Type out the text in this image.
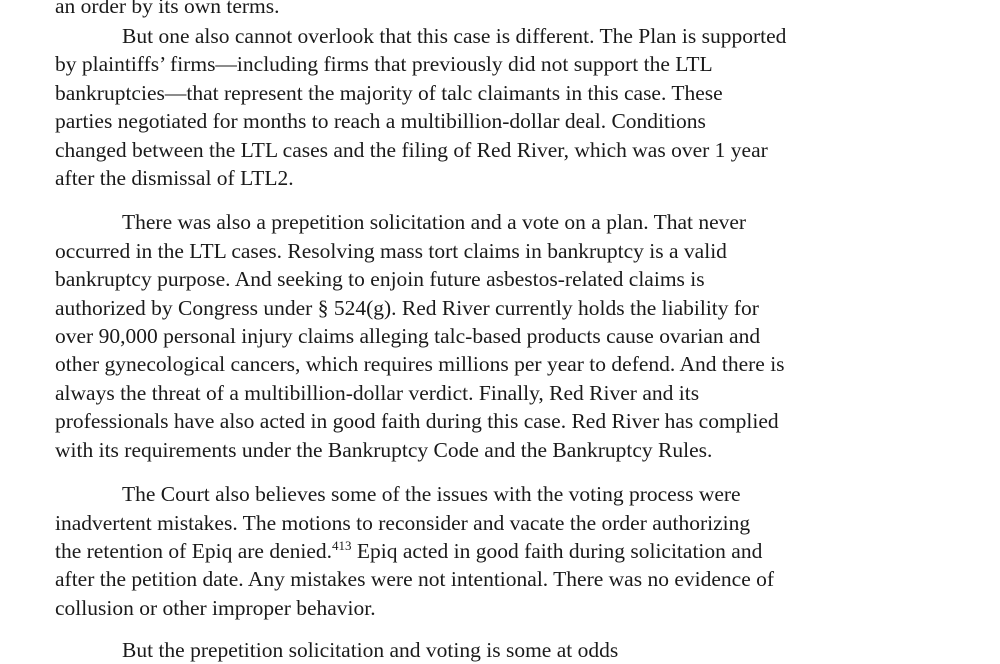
an order by its own terms.

But one also cannot overlook that this case is different. The Plan is supported
by plaintiffs’ firms—including firms that previously did not support the LTL
bankruptcies—that represent the majority of talc claimants in this case. These
parties negotiated for months to reach a multibillion-dollar deal. Conditions
changed between the LTL cases and the filing of Red River, which was over 1 year
after the dismissal of LTL2.

There was also a prepetition solicitation and a vote on a plan. That never
occurred in the LTL cases. Resolving mass tort claims in bankruptcy is a valid
bankruptcy purpose. And seeking to enjoin future asbestos-related claims is
authorized by Congress under § 524(g). Red River currently holds the liability for
over 90,000 personal injury claims alleging talc-based products cause ovarian and
other gynecological cancers, which requires millions per year to defend. And there is
always the threat of a multibillion-dollar verdict. Finally, Red River and its
professionals have also acted in good faith during this case. Red River has complied
with its requirements under the Bankruptcy Code and the Bankruptcy Rules.

The Court also believes some of the issues with the voting process were
inadvertent mistakes. The motions to reconsider and vacate the order authorizing
the retention of Epiq are denied.$^{413}$ Epiq acted in good faith during solicitation and
after the petition date. Any mistakes were not intentional. There was no evidence of
collusion or other improper behavior.

But the prepetition solicitation and voting is some at odds
